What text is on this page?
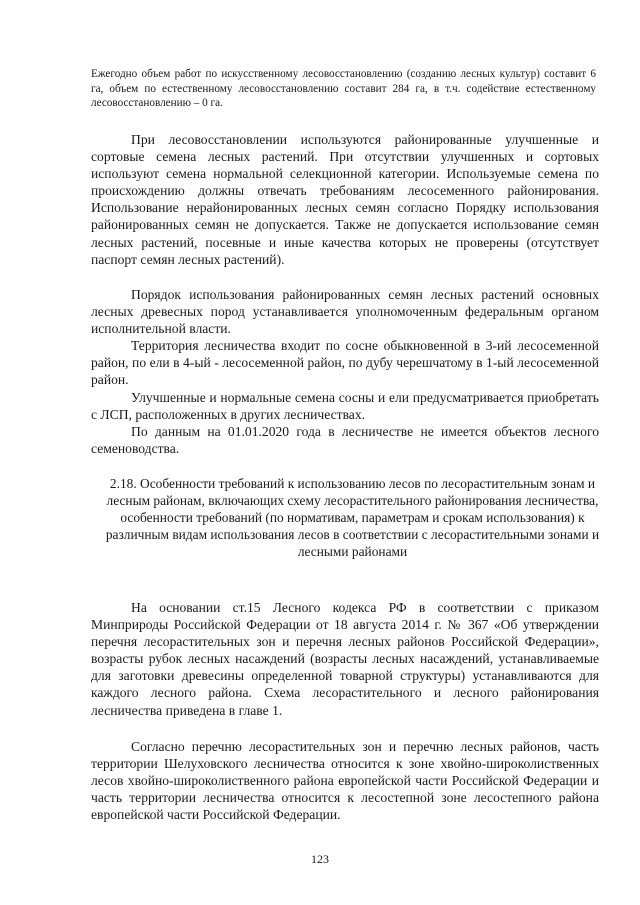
Ежегодно объем работ по искусственному лесовосстановлению (созданию лесных культур) составит 6 га, объем по естественному лесовосстановлению составит 284 га, в т.ч. содействие естественному лесовосстановлению – 0 га.

При лесовосстановлении используются районированные улучшенные и сортовые семена лесных растений. При отсутствии улучшенных и сортовых используют семена нормальной селекционной категории. Используемые семена по происхождению должны отвечать требованиям лесосеменного районирования. Использование нерайонированных лесных семян согласно Порядку использования районированных семян не допускается. Также не допускается использование семян лесных растений, посевные и иные качества которых не проверены (отсутствует паспорт семян лесных растений).

Порядок использования районированных семян лесных растений основных лесных древесных пород устанавливается уполномоченным федеральным органом исполнительной власти.

Территория лесничества входит по сосне обыкновенной в 3-ий лесосеменной район, по ели в 4-ый - лесосеменной район, по дубу черешчатому в 1-ый лесосеменной район.

Улучшенные и нормальные семена сосны и ели предусматривается приобретать с ЛСП, расположенных в других лесничествах.

По данным на 01.01.2020 года в лесничестве не имеется объектов лесного семеноводства.

2.18. Особенности требований к использованию лесов по лесорастительным зонам и лесным районам, включающих схему лесорастительного районирования лесничества, особенности требований (по нормативам, параметрам и срокам использования) к различным видам использования лесов в соответствии с лесорастительными зонами и лесными районами

На основании ст.15 Лесного кодекса РФ в соответствии с приказом Минприроды Российской Федерации от 18 августа 2014 г. № 367 «Об утверждении перечня лесорастительных зон и перечня лесных районов Российской Федерации», возрасты рубок лесных насаждений (возрасты лесных насаждений, устанавливаемые для заготовки древесины определенной товарной структуры) устанавливаются для каждого лесного района. Схема лесорастительного и лесного районирования лесничества приведена в главе 1.

Согласно перечню лесорастительных зон и перечню лесных районов, часть территории Шелуховского лесничества относится к зоне хвойно-широколиственных лесов хвойно-широколиственного района европейской части Российской Федерации и часть территории лесничества относится к лесостепной зоне лесостепного района европейской части Российской Федерации.

123
